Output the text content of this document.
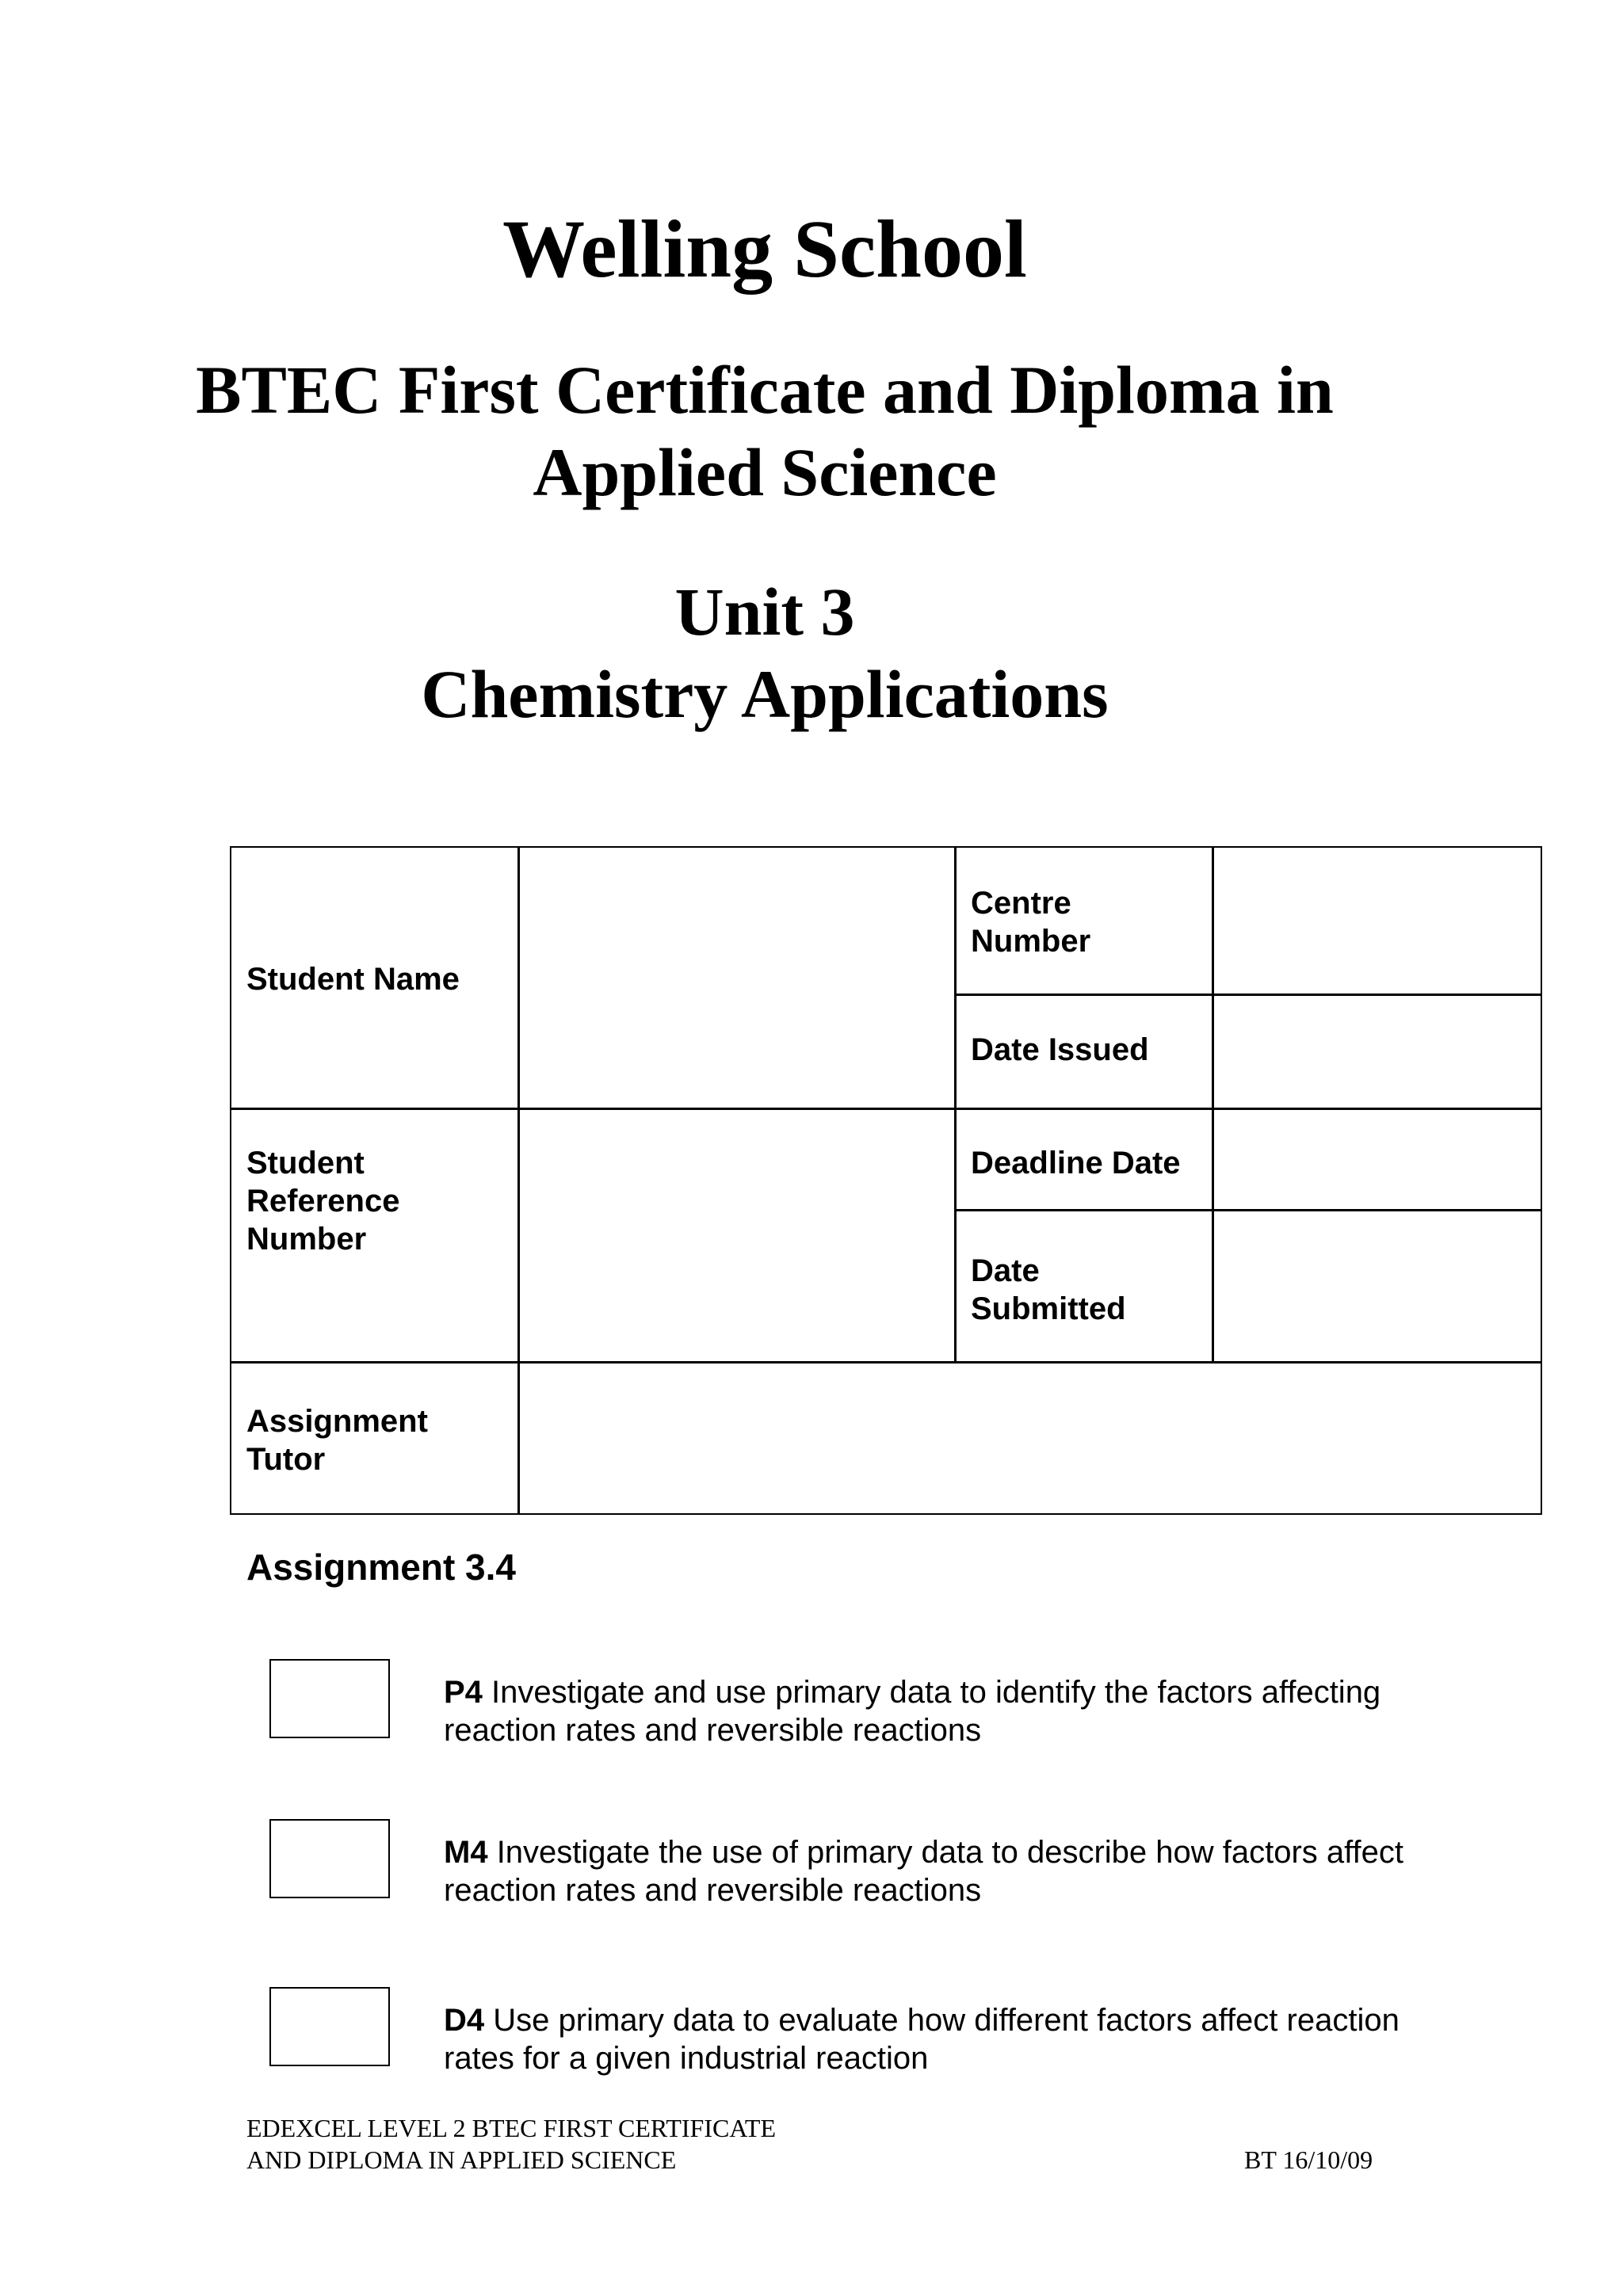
Welling School
BTEC First Certificate and Diploma in
Applied Science
Unit 3
Chemistry Applications
Student Name
Centre
Number
Date Issued
Student
Reference
Number
Deadline Date
Date
Submitted
Assignment
Tutor
Assignment 3.4
P4 Investigate and use primary data to identify the factors affecting reaction rates and reversible reactions
M4 Investigate the use of primary data to describe how factors affect reaction rates and reversible reactions
D4 Use primary data to evaluate how different factors affect reaction rates for a given industrial reaction
EDEXCEL LEVEL 2 BTEC FIRST CERTIFICATE
AND DIPLOMA IN APPLIED SCIENCE	BT 16/10/09
